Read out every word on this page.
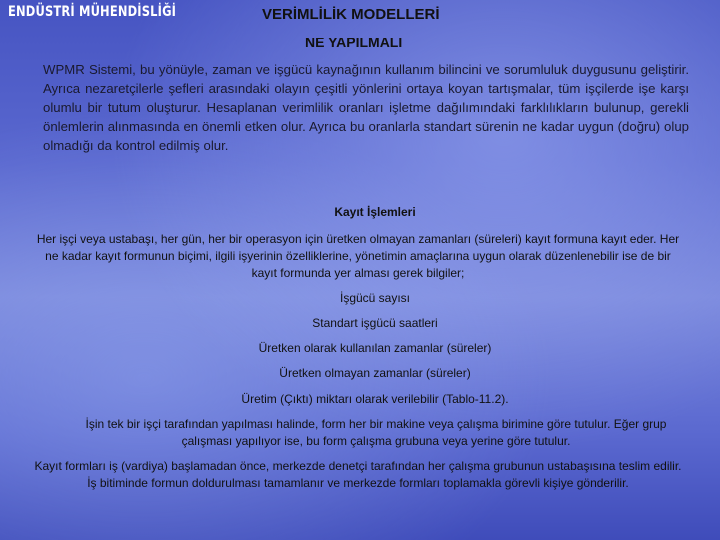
ENDÜSTRİ MÜHENDİSLİĞİ	VERİMLİLİK MODELLERİ
NE YAPILMALI
WPMR Sistemi, bu yönüyle, zaman ve işgücü kaynağının kullanım bilincini ve sorumluluk duygusunu geliştirir. Ayrıca nezaretçilerle şefleri arasındaki olayın çeşitli yönlerini ortaya koyan tartışmalar, tüm işçilerde işe karşı olumlu bir tutum oluşturur. Hesaplanan verimlilik oranları işletme dağılımındaki farklılıkların bulunup, gerekli önlemlerin alınmasında en önemli etken olur. Ayrıca bu oranlarla standart sürenin ne kadar uygun (doğru) olup olmadığı da kontrol edilmiş olur.
Kayıt İşlemleri
Her işçi veya ustabaşı, her gün, her bir operasyon için üretken olmayan zamanları (süreleri) kayıt formuna kayıt eder. Her ne kadar kayıt formunun biçimi, ilgili işyerinin özelliklerine, yönetimin amaçlarına uygun olarak düzenlenebilir ise de bir kayıt formunda yer alması gerek bilgiler;
İşgücü sayısı
Standart işgücü saatleri
Üretken olarak kullanılan zamanlar (süreler)
Üretken olmayan zamanlar (süreler)
Üretim (Çıktı) miktarı olarak verilebilir (Tablo-11.2).
İşin tek bir işçi tarafından yapılması halinde, form her bir makine veya çalışma birimine göre tutulur. Eğer grup çalışması yapılıyor ise, bu form çalışma grubuna veya yerine göre tutulur.
Kayıt formları iş (vardiya) başlamadan önce, merkezde denetçi tarafından her çalışma grubunun ustabaşısına teslim edilir. İş bitiminde formun doldurulması tamamlanır ve merkezde formları toplamakla görevli kişiye gönderilir.
